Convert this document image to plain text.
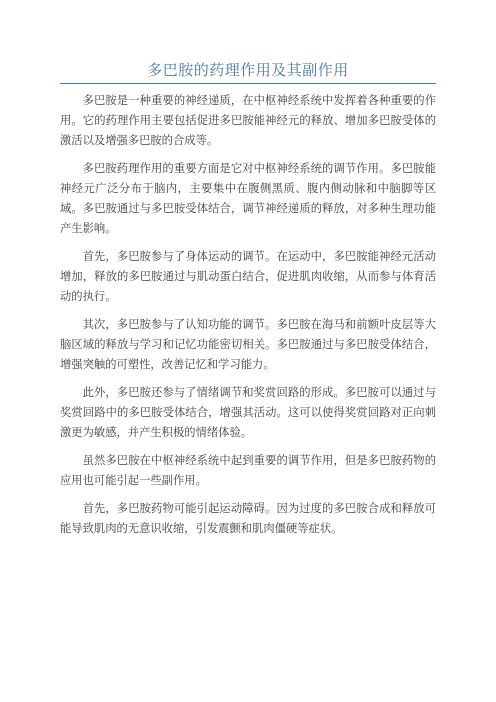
多巴胺的药理作用及其副作用

多巴胺是一种重要的神经递质，在中枢神经系统中发挥着各种重要的作用。它的药理作用主要包括促进多巴胺能神经元的释放、增加多巴胺受体的激活以及增强多巴胺的合成等。

多巴胺药理作用的重要方面是它对中枢神经系统的调节作用。多巴胺能神经元广泛分布于脑内，主要集中在腹侧黑质、腹内侧动脉和中脑脚等区域。多巴胺通过与多巴胺受体结合，调节神经递质的释放，对多种生理功能产生影响。

首先，多巴胺参与了身体运动的调节。在运动中，多巴胺能神经元活动增加，释放的多巴胺通过与肌动蛋白结合，促进肌肉收缩，从而参与体育活动的执行。

其次，多巴胺参与了认知功能的调节。多巴胺在海马和前额叶皮层等大脑区域的释放与学习和记忆功能密切相关。多巴胺通过与多巴胺受体结合，增强突触的可塑性，改善记忆和学习能力。

此外，多巴胺还参与了情绪调节和奖赏回路的形成。多巴胺可以通过与奖赏回路中的多巴胺受体结合，增强其活动。这可以使得奖赏回路对正向刺激更为敏感，并产生积极的情绪体验。

虽然多巴胺在中枢神经系统中起到重要的调节作用，但是多巴胺药物的应用也可能引起一些副作用。

首先，多巴胺药物可能引起运动障碍。因为过度的多巴胺合成和释放可能导致肌肉的无意识收缩，引发震颤和肌肉僵硬等症状。
